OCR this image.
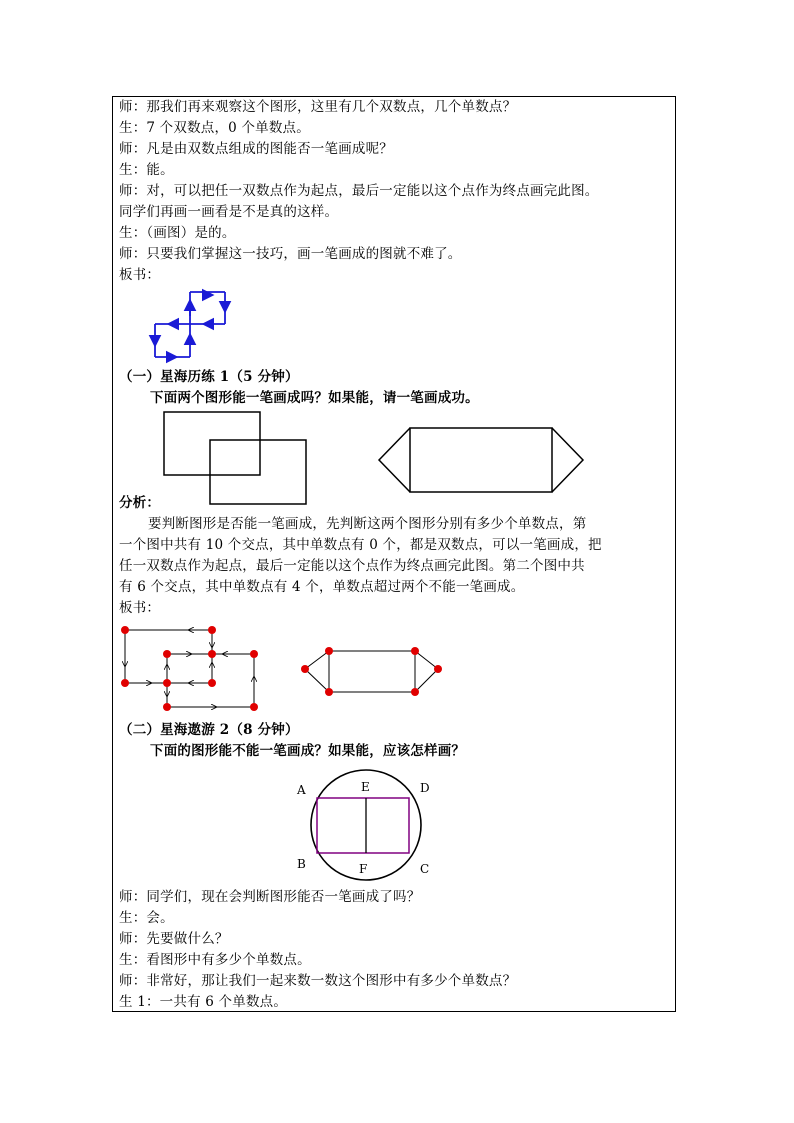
师：那我们再来观察这个图形，这里有几个双数点，几个单数点？
生：7 个双数点，0 个单数点。
师：凡是由双数点组成的图能否一笔画成呢？
生：能。
师：对，可以把任一双数点作为起点，最后一定能以这个点作为终点画完此图。
同学们再画一画看是不是真的这样。
生：（画图）是的。
师：只要我们掌握这一技巧，画一笔画成的图就不难了。
板书：
（一）星海历练 1（5 分钟）
下面两个图形能一笔画成吗？如果能，请一笔画成功。
分析：
要判断图形是否能一笔画成，先判断这两个图形分别有多少个单数点，第
一个图中共有 10 个交点，其中单数点有 0 个，都是双数点，可以一笔画成，把
任一双数点作为起点，最后一定能以这个点作为终点画完此图。第二个图中共
有 6 个交点，其中单数点有 4 个，单数点超过两个不能一笔画成。
板书：
（二）星海遨游 2（8 分钟）
下面的图形能不能一笔画成？如果能，应该怎样画？
A	E	D
B	F	C
师：同学们，现在会判断图形能否一笔画成了吗？
生：会。
师：先要做什么？
生：看图形中有多少个单数点。
师：非常好，那让我们一起来数一数这个图形中有多少个单数点？
生 1：一共有 6 个单数点。
